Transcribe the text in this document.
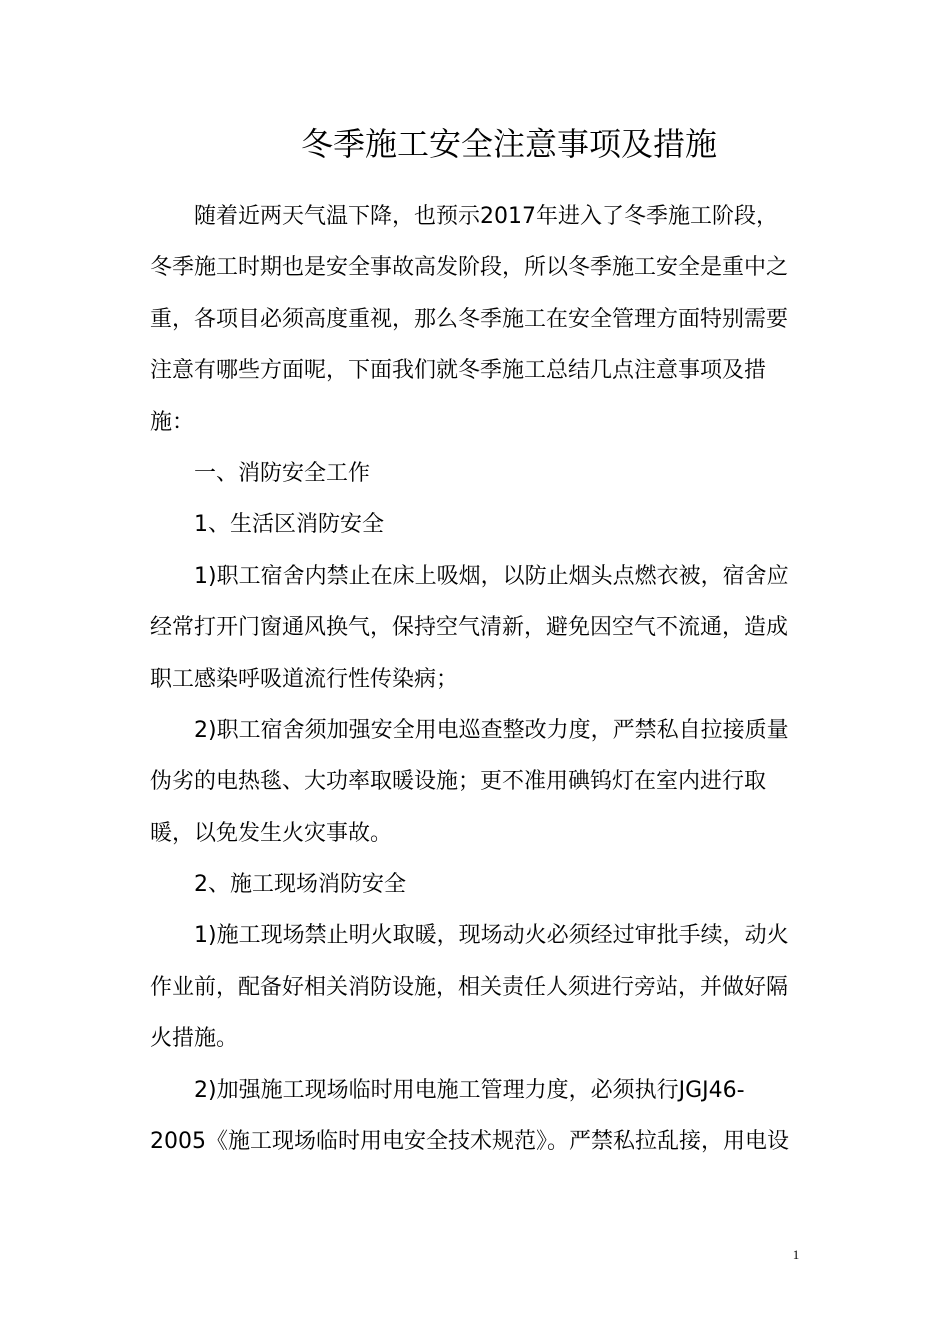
冬季施工安全注意事项及措施
随着近两天气温下降，也预示2017年进入了冬季施工阶段，
冬季施工时期也是安全事故高发阶段，所以冬季施工安全是重中之
重，各项目必须高度重视，那么冬季施工在安全管理方面特别需要
注意有哪些方面呢，下面我们就冬季施工总结几点注意事项及措
施：
一、消防安全工作
1、生活区消防安全
1)职工宿舍内禁止在床上吸烟，以防止烟头点燃衣被，宿舍应
经常打开门窗通风换气，保持空气清新，避免因空气不流通，造成
职工感染呼吸道流行性传染病；
2)职工宿舍须加强安全用电巡查整改力度，严禁私自拉接质量
伪劣的电热毯、大功率取暖设施；更不准用碘钨灯在室内进行取
暖，以免发生火灾事故。
2、施工现场消防安全
1)施工现场禁止明火取暖，现场动火必须经过审批手续，动火
作业前，配备好相关消防设施，相关责任人须进行旁站，并做好隔
火措施。
2)加强施工现场临时用电施工管理力度，必须执行JGJ46-
2005《施工现场临时用电安全技术规范》。严禁私拉乱接，用电设
1
